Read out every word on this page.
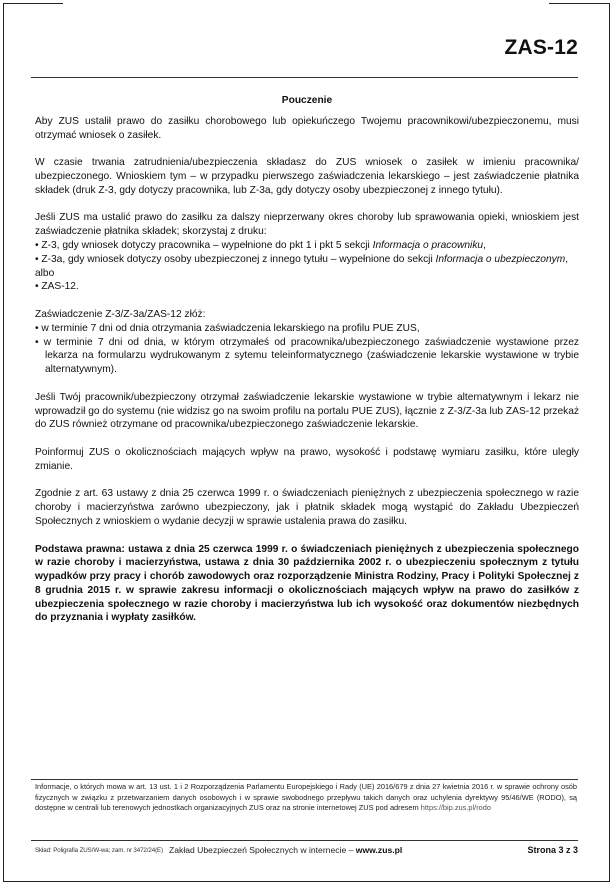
ZAS-12
Pouczenie

Aby ZUS ustalił prawo do zasiłku chorobowego lub opiekuńczego Twojemu pracownikowi/ubezpieczonemu, musi otrzymać wniosek o zasiłek.

W czasie trwania zatrudnienia/ubezpieczenia składasz do ZUS wniosek o zasiłek w imieniu pracownika/ ubezpieczonego. Wnioskiem tym – w przypadku pierwszego zaświadczenia lekarskiego – jest zaświadczenie płatnika składek (druk Z-3, gdy dotyczy pracownika, lub Z-3a, gdy dotyczy osoby ubezpieczonej z innego tytułu).

Jeśli ZUS ma ustalić prawo do zasiłku za dalszy nieprzerwany okres choroby lub sprawowania opieki, wnioskiem jest zaświadczenie płatnika składek; skorzystaj z druku:
• Z-3, gdy wniosek dotyczy pracownika – wypełnione do pkt 1 i pkt 5 sekcji Informacja o pracowniku,
• Z-3a, gdy wniosek dotyczy osoby ubezpieczonej z innego tytułu – wypełnione do sekcji Informacja o ubezpieczonym,
albo
• ZAS-12.
Zaświadczenie Z-3/Z-3a/ZAS-12 złóż:
• w terminie 7 dni od dnia otrzymania zaświadczenia lekarskiego na profilu PUE ZUS,
• w terminie 7 dni od dnia, w którym otrzymałeś od pracownika/ubezpieczonego zaświadczenie wystawione przez lekarza na formularzu wydrukowanym z sytemu teleinformatycznego (zaświadczenie lekarskie wystawione w trybie alternatywnym).

Jeśli Twój pracownik/ubezpieczony otrzymał zaświadczenie lekarskie wystawione w trybie alternatywnym i lekarz nie wprowadził go do systemu (nie widzisz go na swoim profilu na portalu PUE ZUS), łącznie z Z-3/Z-3a lub ZAS-12 przekaż do ZUS również otrzymane od pracownika/ubezpieczonego zaświadczenie lekarskie.

Poinformuj ZUS o okolicznościach mających wpływ na prawo, wysokość i podstawę wymiaru zasiłku, które uległy zmianie.

Zgodnie z art. 63 ustawy z dnia 25 czerwca 1999 r. o świadczeniach pieniężnych z ubezpieczenia społecznego w razie choroby i macierzyństwa zarówno ubezpieczony, jak i płatnik składek mogą wystąpić do Zakładu Ubezpieczeń Społecznych z wnioskiem o wydanie decyzji w sprawie ustalenia prawa do zasiłku.

Podstawa prawna: ustawa z dnia 25 czerwca 1999 r. o świadczeniach pieniężnych z ubezpieczenia społecznego w razie choroby i macierzyństwa, ustawa z dnia 30 października 2002 r. o ubezpieczeniu społecznym z tytułu wypadków przy pracy i chorób zawodowych oraz rozporządzenie Ministra Rodziny, Pracy i Polityki Społecznej z 8 grudnia 2015 r. w sprawie zakresu informacji o okolicznościach mających wpływ na prawo do zasiłków z ubezpieczenia społecznego w razie choroby i macierzyństwa lub ich wysokość oraz dokumentów niezbędnych do przyznania i wypłaty zasiłków.

Informacje, o których mowa w art. 13 ust. 1 i 2 Rozporządzenia Parlamentu Europejskiego i Rady (UE) 2016/679 z dnia 27 kwietnia 2016 r. w sprawie ochrony osób fizycznych w związku z przetwarzaniem danych osobowych i w sprawie swobodnego przepływu takich danych oraz uchylenia dyrektywy 95/46/WE (RODO), są dostępne w centrali lub terenowych jednostkach organizacyjnych ZUS oraz na stronie internetowej ZUS pod adresem https://bip.zus.pl/rodo
Skład: Poligrafia ZUS/W-wa; zam. nr 3472/24(E) Zakład Ubezpieczeń Społecznych w internecie – www.zus.pl	Strona 3 z 3
